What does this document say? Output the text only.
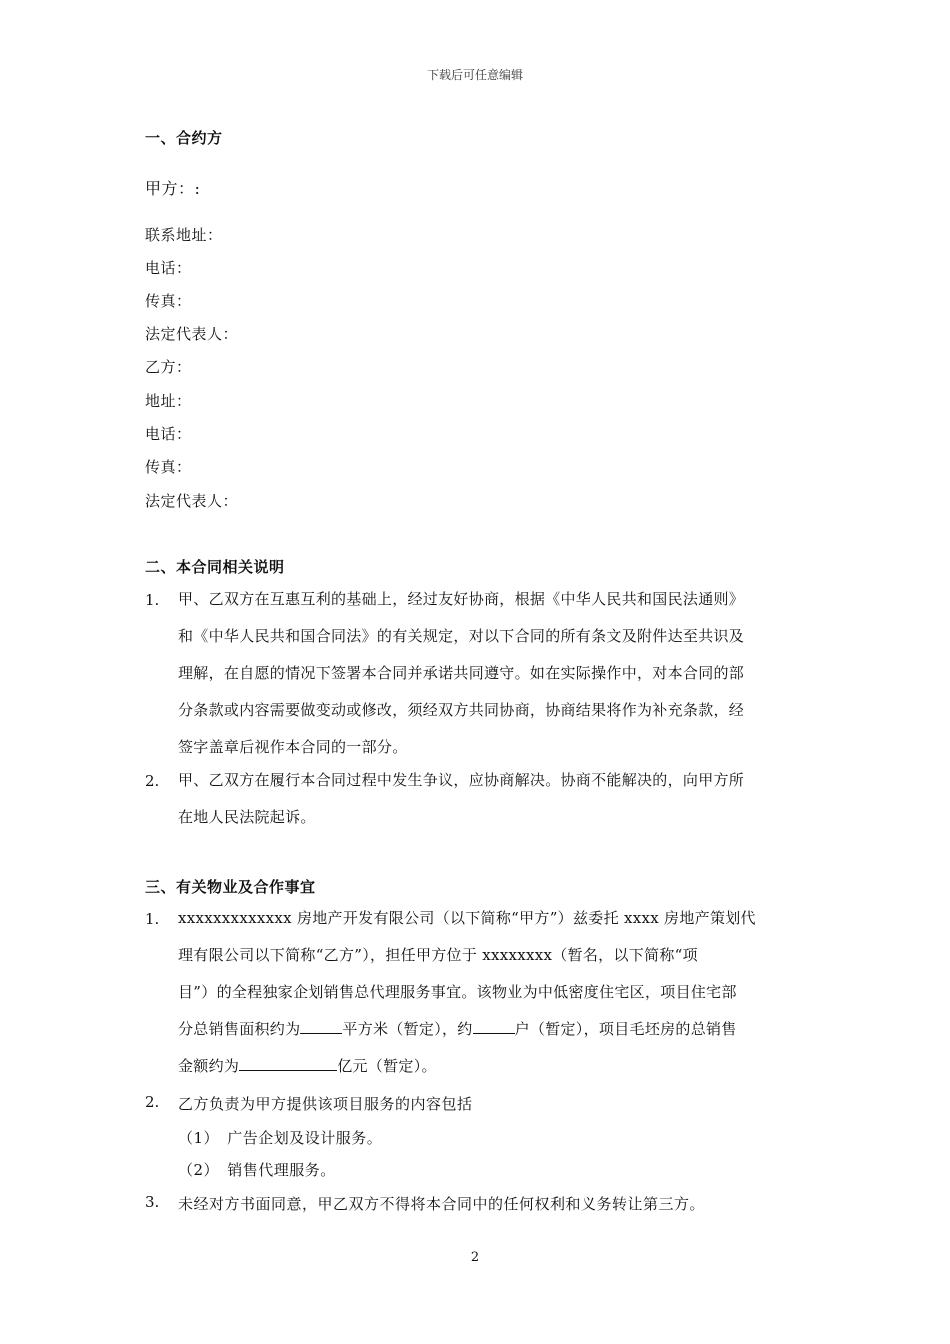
下载后可任意编辑
一、合约方
甲方：:
联系地址：
电话：
传真：
法定代表人：
乙方：
地址：
电话：
传真：
法定代表人：
二、本合同相关说明
1. 甲、乙双方在互惠互利的基础上，经过友好协商，根据《中华人民共和国民法通则》
和《中华人民共和国合同法》的有关规定，对以下合同的所有条文及附件达至共识及
理解，在自愿的情况下签署本合同并承诺共同遵守。如在实际操作中，对本合同的部
分条款或内容需要做变动或修改，须经双方共同协商，协商结果将作为补充条款，经
签字盖章后视作本合同的一部分。
2. 甲、乙双方在履行本合同过程中发生争议，应协商解决。协商不能解决的，向甲方所
在地人民法院起诉。
三、有关物业及合作事宜
1. xxxxxxxxxxxxx 房地产开发有限公司（以下简称“甲方”）兹委托 xxxx 房地产策划代
理有限公司以下简称“乙方”），担任甲方位于 xxxxxxxx（暂名，以下简称“项
目”）的全程独家企划销售总代理服务事宜。该物业为中低密度住宅区，项目住宅部
分总销售面积约为	平方米（暂定），约	户（暂定），项目毛坯房的总销售
金额约为	亿元（暂定）。
2. 乙方负责为甲方提供该项目服务的内容包括
（1） 广告企划及设计服务。
（2） 销售代理服务。
3. 未经对方书面同意，甲乙双方不得将本合同中的任何权利和义务转让第三方。
2
